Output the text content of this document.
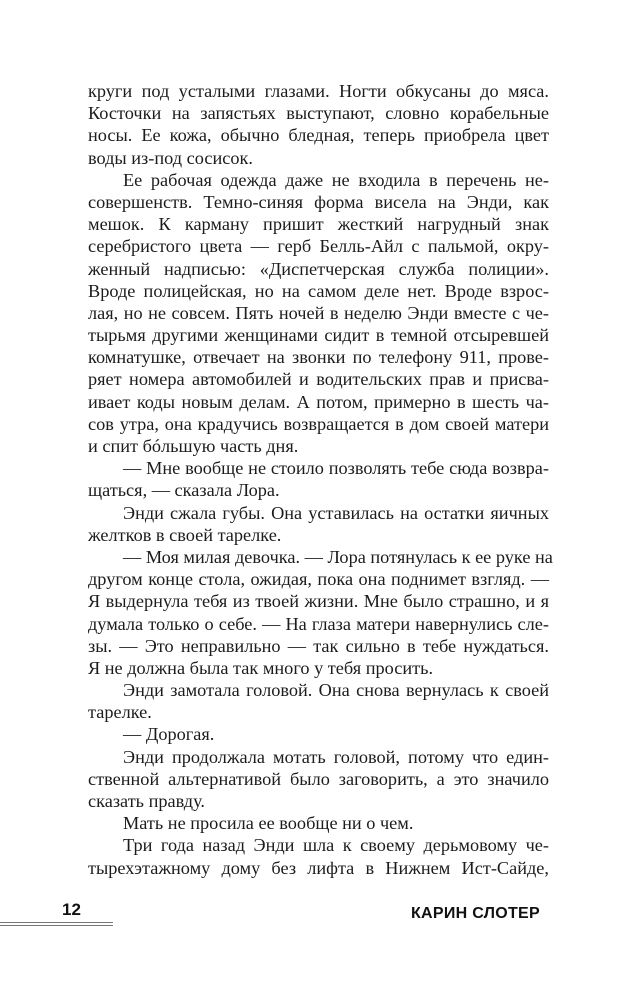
круги под усталыми глазами. Ногти обкусаны до мяса.
Косточки на запястьях выступают, словно корабельные
носы. Ее кожа, обычно бледная, теперь приобрела цвет
воды из-под сосисок.
Ее рабочая одежда даже не входила в перечень не-
совершенств. Темно-синяя форма висела на Энди, как
мешок. К карману пришит жесткий нагрудный знак
серебристого цвета — герб Белль-Айл с пальмой, окру-
женный надписью: «Диспетчерская служба полиции».
Вроде полицейская, но на самом деле нет. Вроде взрос-
лая, но не совсем. Пять ночей в неделю Энди вместе с че-
тырьмя другими женщинами сидит в темной отсыревшей
комнатушке, отвечает на звонки по телефону 911, прове-
ряет номера автомобилей и водительских прав и присва-
ивает коды новым делам. А потом, примерно в шесть ча-
сов утра, она крадучись возвращается в дом своей матери
и спит бóльшую часть дня.
— Мне вообще не стоило позволять тебе сюда возвра-
щаться, — сказала Лора.
Энди сжала губы. Она уставилась на остатки яичных
желтков в своей тарелке.
— Моя милая девочка. — Лора потянулась к ее руке на
другом конце стола, ожидая, пока она поднимет взгляд. —
Я выдернула тебя из твоей жизни. Мне было страшно, и я
думала только о себе. — На глаза матери навернулись сле-
зы. — Это неправильно — так сильно в тебе нуждаться.
Я не должна была так много у тебя просить.
Энди замотала головой. Она снова вернулась к своей
тарелке.
— Дорогая.
Энди продолжала мотать головой, потому что един-
ственной альтернативой было заговорить, а это значило
сказать правду.
Мать не просила ее вообще ни о чем.
Три года назад Энди шла к своему дерьмовому че-
тырехэтажному дому без лифта в Нижнем Ист-Сайде,
12	КАРИН СЛОТЕР
